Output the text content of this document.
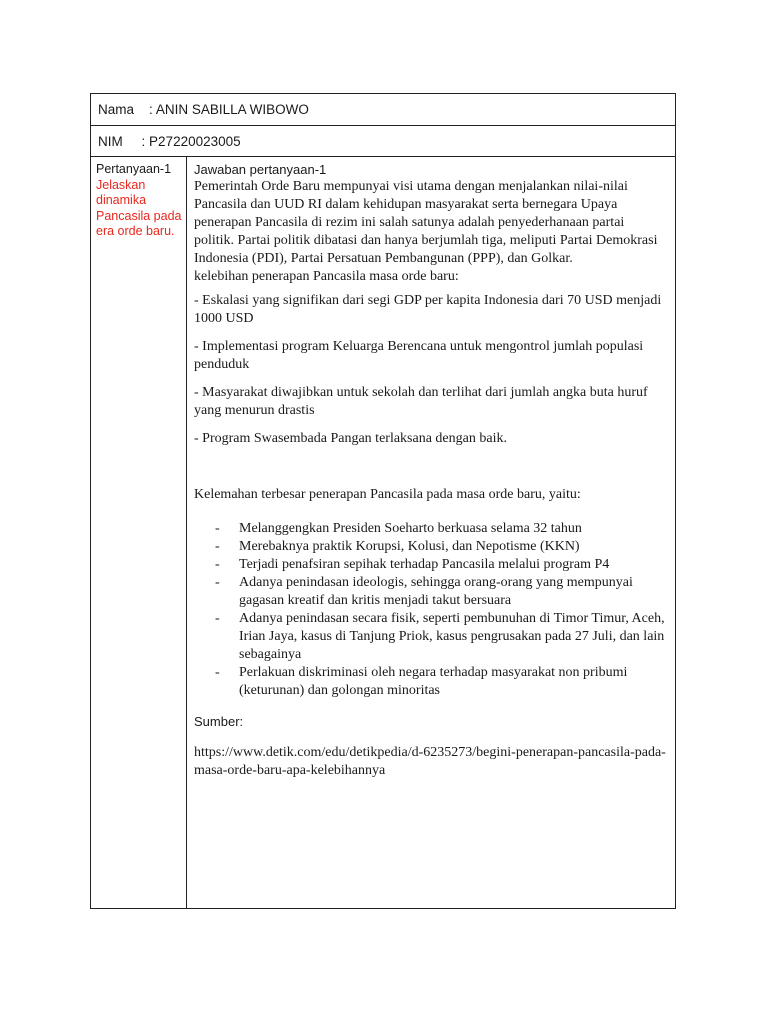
Nama : ANIN SABILLA WIBOWO
NIM : P27220023005
Pertanyaan-1
Jelaskan dinamika Pancasila pada era orde baru.
Jawaban pertanyaan-1

Pemerintah Orde Baru mempunyai visi utama dengan menjalankan nilai-nilai Pancasila dan UUD RI dalam kehidupan masyarakat serta bernegara Upaya penerapan Pancasila di rezim ini salah satunya adalah penyederhanaan partai politik. Partai politik dibatasi dan hanya berjumlah tiga, meliputi Partai Demokrasi Indonesia (PDI), Partai Persatuan Pembangunan (PPP), dan Golkar.

kelebihan penerapan Pancasila masa orde baru:

- Eskalasi yang signifikan dari segi GDP per kapita Indonesia dari 70 USD menjadi 1000 USD

- Implementasi program Keluarga Berencana untuk mengontrol jumlah populasi penduduk

- Masyarakat diwajibkan untuk sekolah dan terlihat dari jumlah angka buta huruf yang menurun drastis

- Program Swasembada Pangan terlaksana dengan baik.

Kelemahan terbesar penerapan Pancasila pada masa orde baru, yaitu:

- Melanggengkan Presiden Soeharto berkuasa selama 32 tahun
- Merebaknya praktik Korupsi, Kolusi, dan Nepotisme (KKN)
- Terjadi penafsiran sepihak terhadap Pancasila melalui program P4
- Adanya penindasan ideologis, sehingga orang-orang yang mempunyai gagasan kreatif dan kritis menjadi takut bersuara
- Adanya penindasan secara fisik, seperti pembunuhan di Timor Timur, Aceh, Irian Jaya, kasus di Tanjung Priok, kasus pengrusakan pada 27 Juli, dan lain sebagainya
- Perlakuan diskriminasi oleh negara terhadap masyarakat non pribumi (keturunan) dan golongan minoritas
Sumber:

https://www.detik.com/edu/detikpedia/d-6235273/begini-penerapan-pancasila-pada-masa-orde-baru-apa-kelebihannya
